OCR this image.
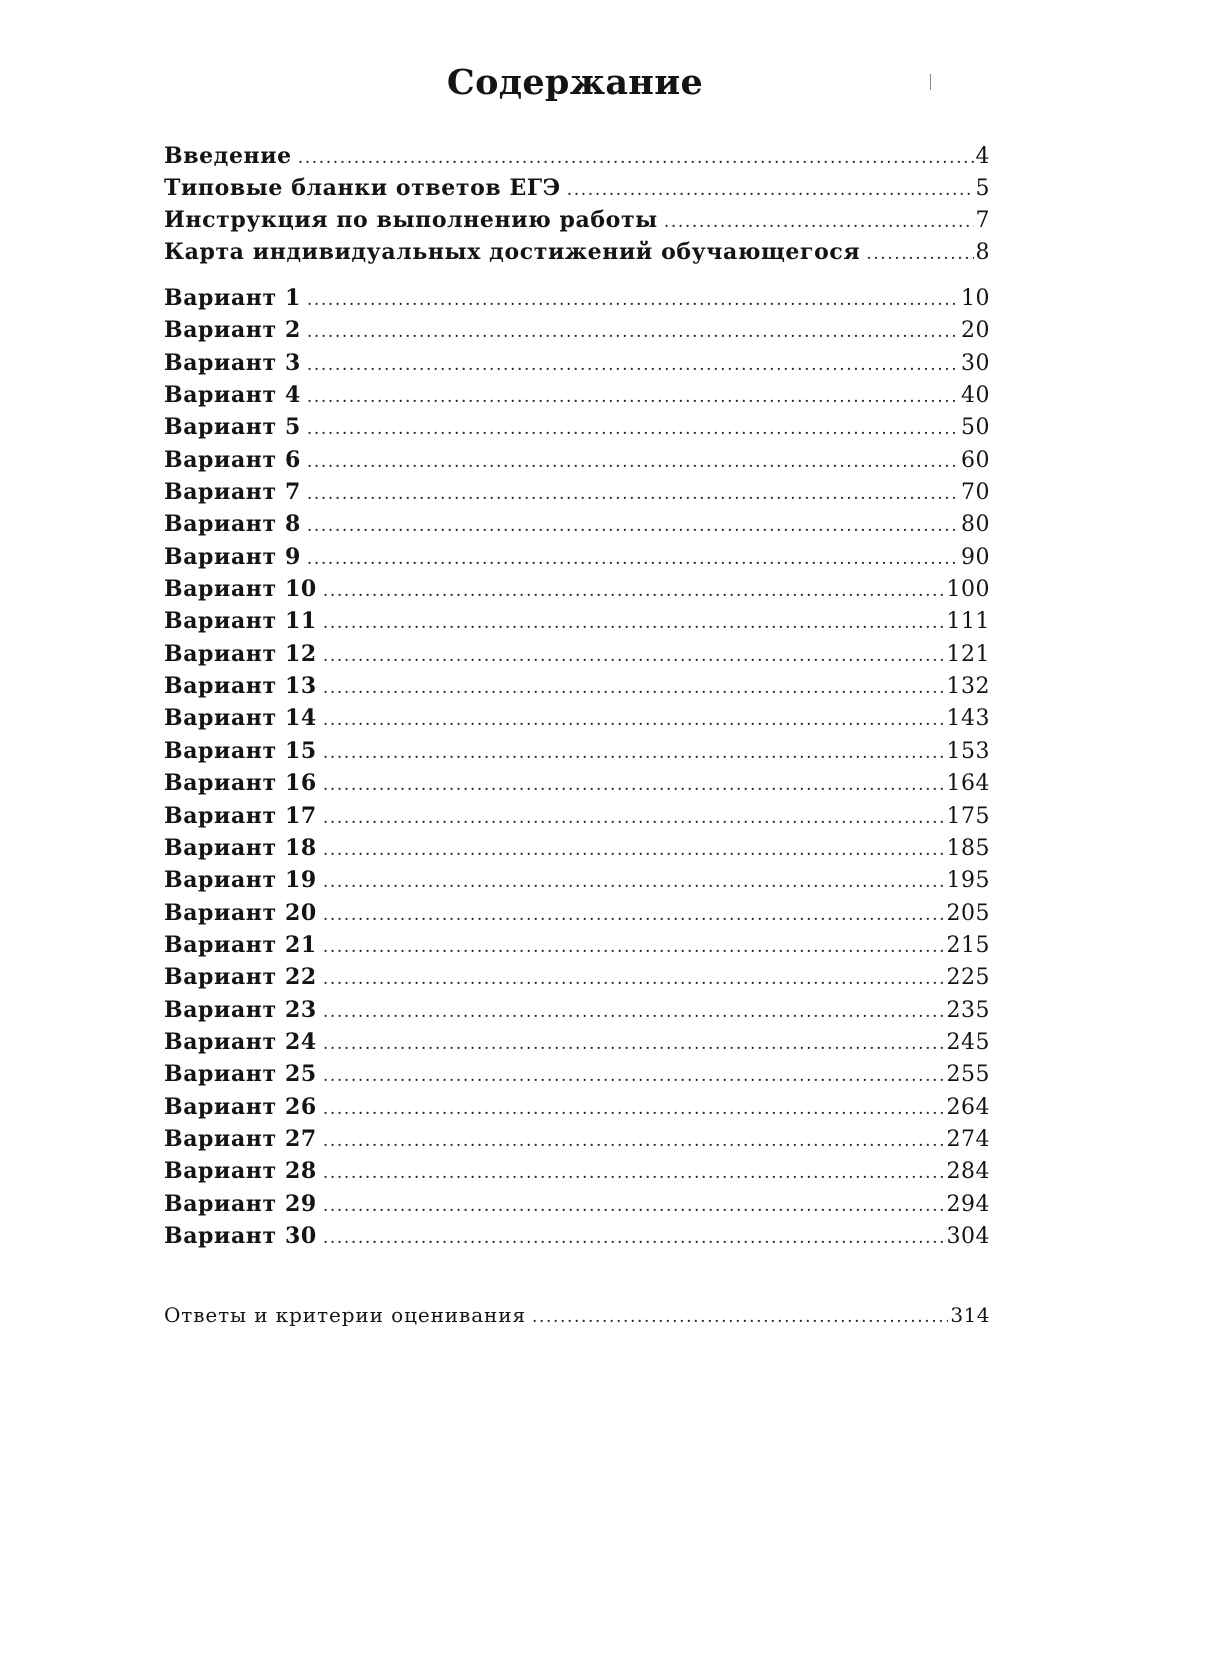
Содержание
Введение .....	4
Типовые бланки ответов ЕГЭ .....	5
Инструкция по выполнению работы .....	7
Карта индивидуальных достижений обучающегося .....	8
Вариант 1 .....	10
Вариант 2 .....	20
Вариант 3 .....	30
Вариант 4 .....	40
Вариант 5 .....	50
Вариант 6 .....	60
Вариант 7 .....	70
Вариант 8 .....	80
Вариант 9 .....	90
Вариант 10 .....	100
Вариант 11 .....	111
Вариант 12 .....	121
Вариант 13 .....	132
Вариант 14 .....	143
Вариант 15 .....	153
Вариант 16 .....	164
Вариант 17 .....	175
Вариант 18 .....	185
Вариант 19 .....	195
Вариант 20 .....	205
Вариант 21 .....	215
Вариант 22 .....	225
Вариант 23 .....	235
Вариант 24 .....	245
Вариант 25 .....	255
Вариант 26 .....	264
Вариант 27 .....	274
Вариант 28 .....	284
Вариант 29 .....	294
Вариант 30 .....	304
Ответы и критерии оценивания .....	314
